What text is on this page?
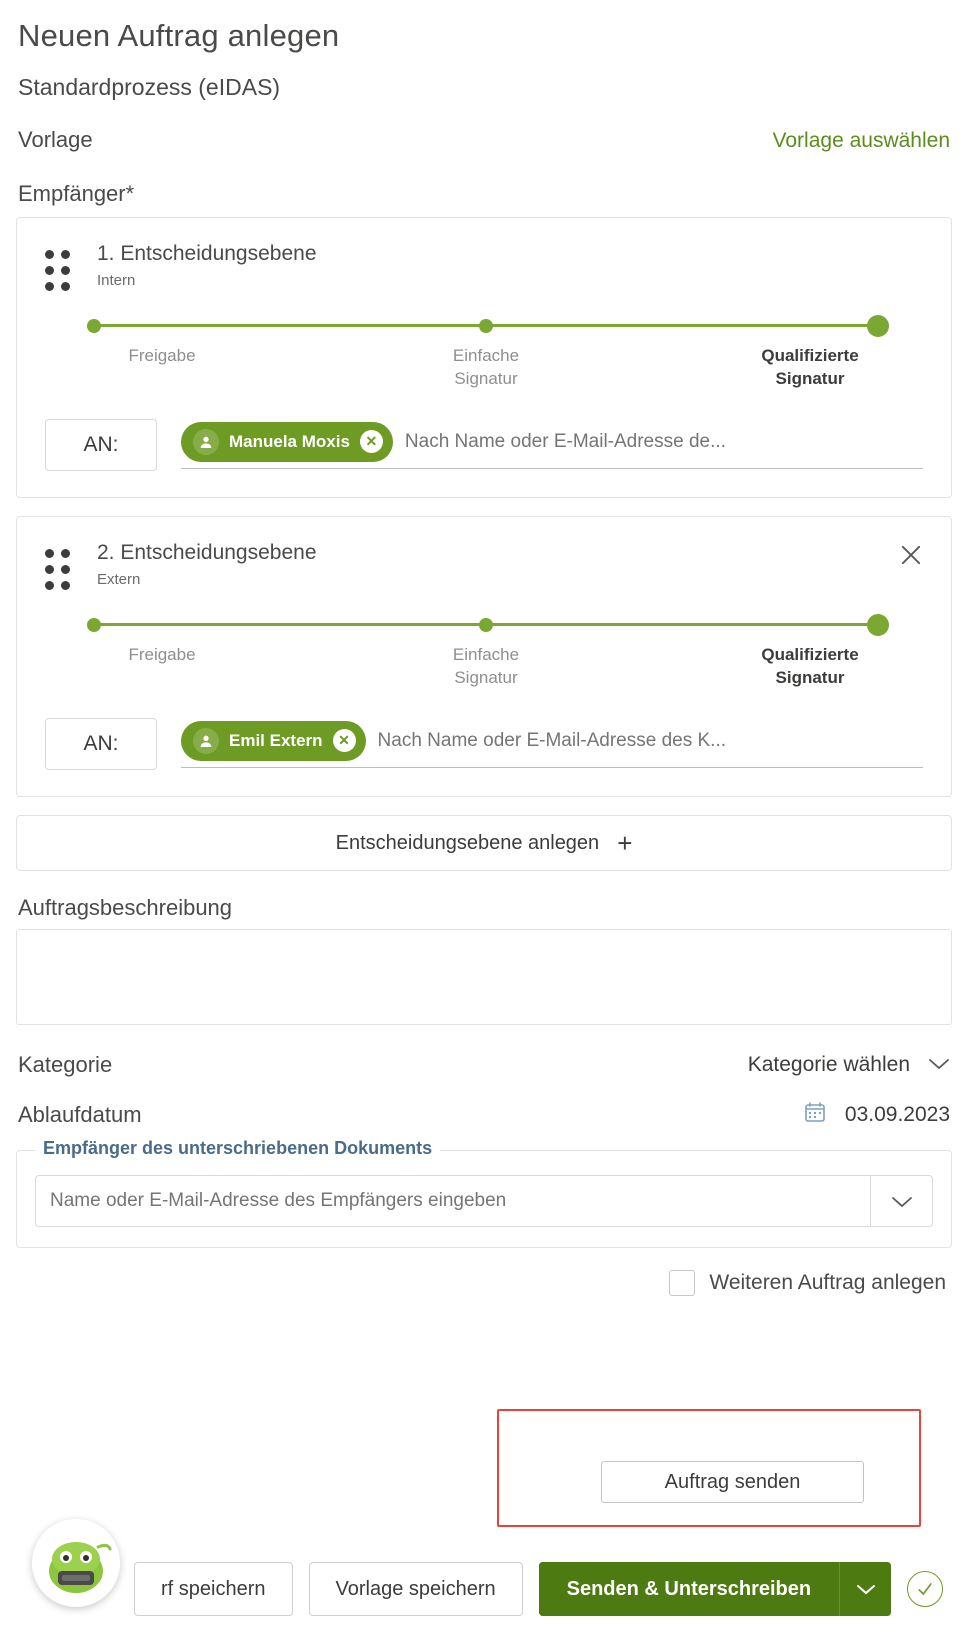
Neuen Auftrag anlegen
Standardprozess (eIDAS)
Vorlage	Vorlage auswählen
Empfänger*
1. Entscheidungsebene
Intern
Freigabe	Einfache
Signatur
Qualifizierte
Signatur
AN:	Manuela Moxis	✕
Nach Name oder E-Mail-Adresse de...
2. Entscheidungsebene
Extern
Freigabe	Einfache
Signatur
Qualifizierte
Signatur
AN:	Emil Extern	✕
Nach Name oder E-Mail-Adresse des K...
Entscheidungsebene anlegen +
Auftragsbeschreibung
Kategorie	Kategorie wählen
Ablaufdatum	03.09.2023
Empfänger des unterschriebenen Dokuments
Name oder E-Mail-Adresse des Empfängers eingeben
Weiteren Auftrag anlegen
Auftrag senden
rf speichern	Vorlage speichern	Senden & Unterschreiben
